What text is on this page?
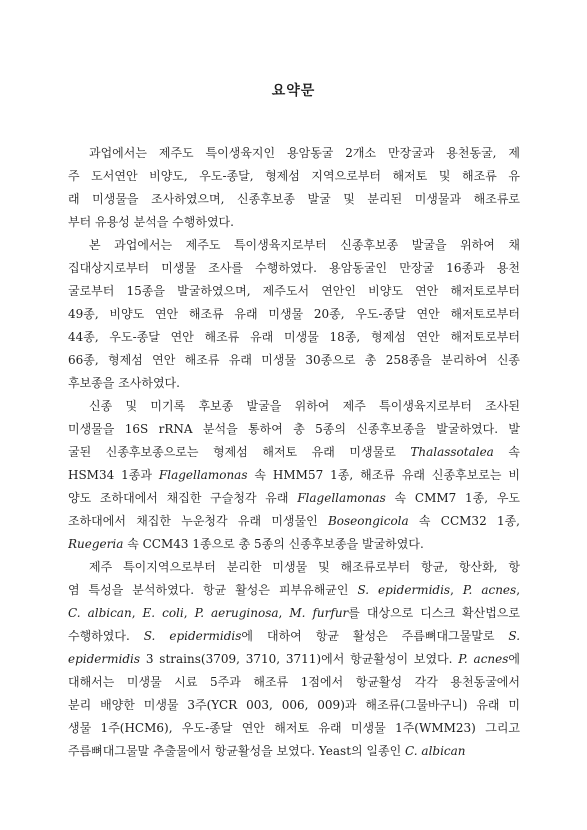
요약문
과업에서는 제주도 특이생육지인 용암동굴 2개소 만장굴과 용천동굴, 제
주 도서연안 비양도, 우도-종달, 형제섬 지역으로부터 해저토 및 해조류 유
래 미생물을 조사하였으며, 신종후보종 발굴 및 분리된 미생물과 해조류로
부터 유용성 분석을 수행하였다.
본 과업에서는 제주도 특이생육지로부터 신종후보종 발굴을 위하여 채
집대상지로부터 미생물 조사를 수행하였다. 용암동굴인 만장굴 16종과 용천
굴로부터 15종을 발굴하였으며, 제주도서 연안인 비양도 연안 해저토로부터
49종, 비양도 연안 해조류 유래 미생물 20종, 우도-종달 연안 해저토로부터
44종, 우도-종달 연안 해조류 유래 미생물 18종, 형제섬 연안 해저토로부터
66종, 형제섬 연안 해조류 유래 미생물 30종으로 총 258종을 분리하여 신종
후보종을 조사하였다.
신종 및 미기록 후보종 발굴을 위하여 제주 특이생육지로부터 조사된
미생물을 16S rRNA 분석을 통하여 총 5종의 신종후보종을 발굴하였다. 발
굴된 신종후보종으로는 형제섬 해저토 유래 미생물로 Thalassotalea 속
HSM34 1종과 Flagellamonas 속 HMM57 1종, 해조류 유래 신종후보로는 비
양도 조하대에서 채집한 구슬청각 유래 Flagellamonas 속 CMM7 1종, 우도
조하대에서 채집한 누운청각 유래 미생물인 Boseongicola 속 CCM32 1종,
Ruegeria 속 CCM43 1종으로 총 5종의 신종후보종을 발굴하였다.
제주 특이지역으로부터 분리한 미생물 및 해조류로부터 항균, 항산화, 항
염 특성을 분석하였다. 항균 활성은 피부유해균인 S. epidermidis, P. acnes,
C. albican, E. coli, P. aeruginosa, M. furfur를 대상으로 디스크 확산법으로
수행하였다. S. epidermidis에 대하여 항균 활성은 주름뼈대그물말로 S.
epidermidis 3 strains(3709, 3710, 3711)에서 항균활성이 보였다. P. acnes에
대해서는 미생물 시료 5주과 해조류 1점에서 항균활성 각각 용천동굴에서
분리 배양한 미생물 3주(YCR 003, 006, 009)과 해조류(그물바구니) 유래 미
생물 1주(HCM6), 우도-종달 연안 해저토 유래 미생물 1주(WMM23) 그리고
주름뼈대그물말 추출물에서 항균활성을 보였다. Yeast의 일종인 C. albican
